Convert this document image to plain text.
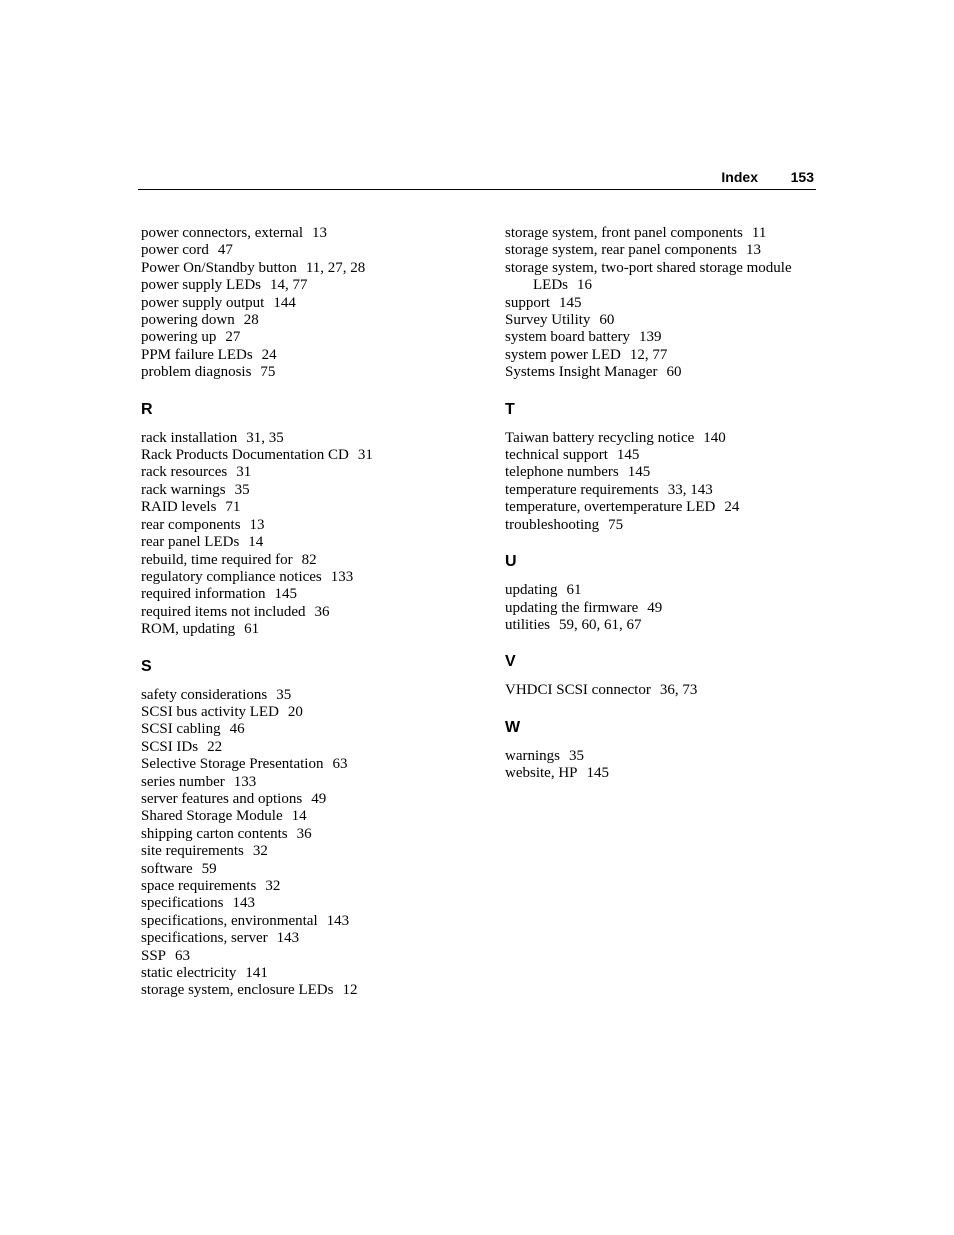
Index 153
power connectors, external 13
power cord 47
Power On/Standby button 11, 27, 28
power supply LEDs 14, 77
power supply output 144
powering down 28
powering up 27
PPM failure LEDs 24
problem diagnosis 75
R
rack installation 31, 35
Rack Products Documentation CD 31
rack resources 31
rack warnings 35
RAID levels 71
rear components 13
rear panel LEDs 14
rebuild, time required for 82
regulatory compliance notices 133
required information 145
required items not included 36
ROM, updating 61
S
safety considerations 35
SCSI bus activity LED 20
SCSI cabling 46
SCSI IDs 22
Selective Storage Presentation 63
series number 133
server features and options 49
Shared Storage Module 14
shipping carton contents 36
site requirements 32
software 59
space requirements 32
specifications 143
specifications, environmental 143
specifications, server 143
SSP 63
static electricity 141
storage system, enclosure LEDs 12
storage system, front panel components 11
storage system, rear panel components 13
storage system, two-port shared storage module
LEDs 16
support 145
Survey Utility 60
system board battery 139
system power LED 12, 77
Systems Insight Manager 60
T
Taiwan battery recycling notice 140
technical support 145
telephone numbers 145
temperature requirements 33, 143
temperature, overtemperature LED 24
troubleshooting 75
U
updating 61
updating the firmware 49
utilities 59, 60, 61, 67
V
VHDCI SCSI connector 36, 73
W
warnings 35
website, HP 145
